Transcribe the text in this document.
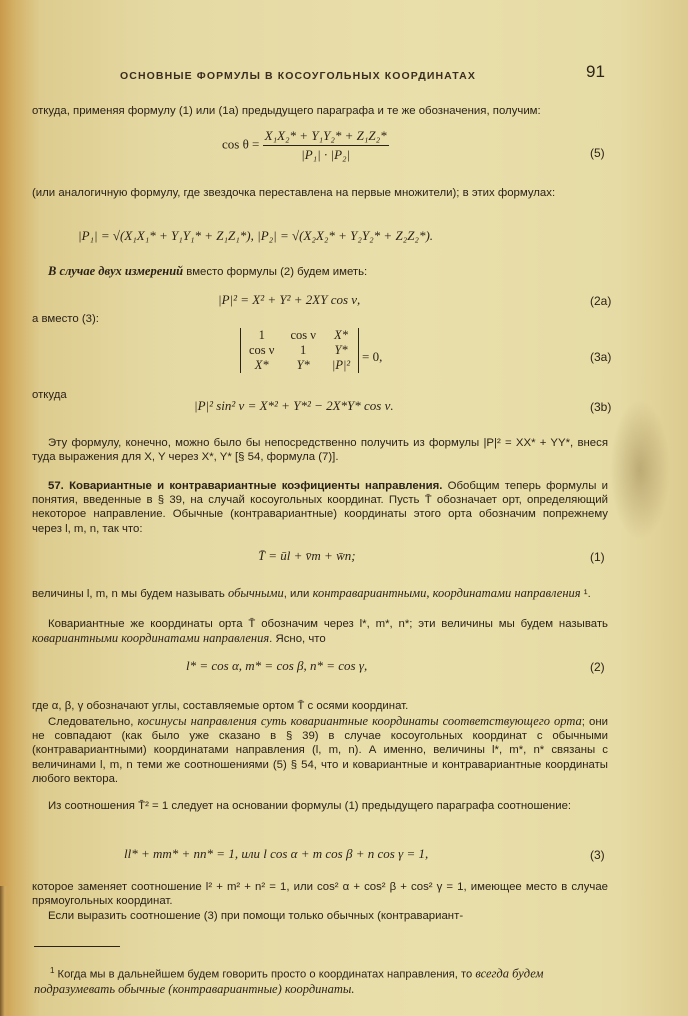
ОСНОВНЫЕ ФОРМУЛЫ В КОСОУГОЛЬНЫХ КООРДИНАТАХ	91
откуда, применяя формулу (1) или (1a) предыдущего параграфа и те же обозначения, получим:
$\cos \theta = \frac{\text{X₁X₂* + Y₁Y₂* + Z₁Z₂*}}{\text{|P₁| · |P₂|}}$	(5)
(или аналогичную формулу, где звездочка переставлена на первые множители); в этих формулах:
|P₁| = √(X₁X₁* + Y₁Y₁* + Z₁Z₁*), |P₂| = √(X₂X₂* + Y₂Y₂* + Z₂Z₂*).
В случае двух измерений вместо формулы (2) будем иметь:
|P|² = X² + Y² + 2XY cos ν,	(2a)
а вместо (3):
1	cos ν	X*
cos ν	1	Y*
X*	Y*	|P|²
= 0,	(3a)
откуда
|P|² sin² ν = X*² + Y*² − 2X*Y* cos ν.	(3b)
Эту формулу, конечно, можно было бы непосредственно получить из формулы |P|² = XX* + YY*, внеся туда выражения для X, Y через X*, Y* [§ 54, формула (7)].
57. Ковариантные и контравариантные коэфициенты направления. Обобщим теперь формулы и понятия, введенные в § 39, на случай косоугольных координат. Пусть T̄ обозначает орт, определяющий некоторое направление. Обычные (контравариантные) координаты этого орта обозначим попрежнему через l, m, n, так что:
T̄ = ūl + v̄m + w̄n;	(1)
величины l, m, n мы будем называть обычными, или контравариантными, координатами направления ¹.
Ковариантные же координаты орта T̄ обозначим через l*, m*, n*; эти величины мы будем называть ковариантными координатами направления. Ясно, что
l* = cos α, m* = cos β, n* = cos γ,	(2)
где α, β, γ обозначают углы, составляемые ортом T̄ с осями координат.
Следовательно, косинусы направления суть ковариантные координаты соответствующего орта; они не совпадают (как было уже сказано в § 39) в случае косоугольных координат с обычными (контравариантными) координатами направления (l, m, n). А именно, величины l*, m*, n* связаны с величинами l, m, n теми же соотношениями (5) § 54, что и ковариантные и контравариантные координаты любого вектора.
Из соотношения T̄² = 1 следует на основании формулы (1) предыдущего параграфа соотношение:
ll* + mm* + nn* = 1, или l cos α + m cos β + n cos γ = 1,	(3)
которое заменяет соотношение l² + m² + n² = 1, или cos² α + cos² β + cos² γ = 1, имеющее место в случае прямоугольных координат.
Если выразить соотношение (3) при помощи только обычных (контравариант-
$^1$ Когда мы в дальнейшем будем говорить просто о координатах направления, то всегда будем подразумевать обычные (контравариантные) координаты.
